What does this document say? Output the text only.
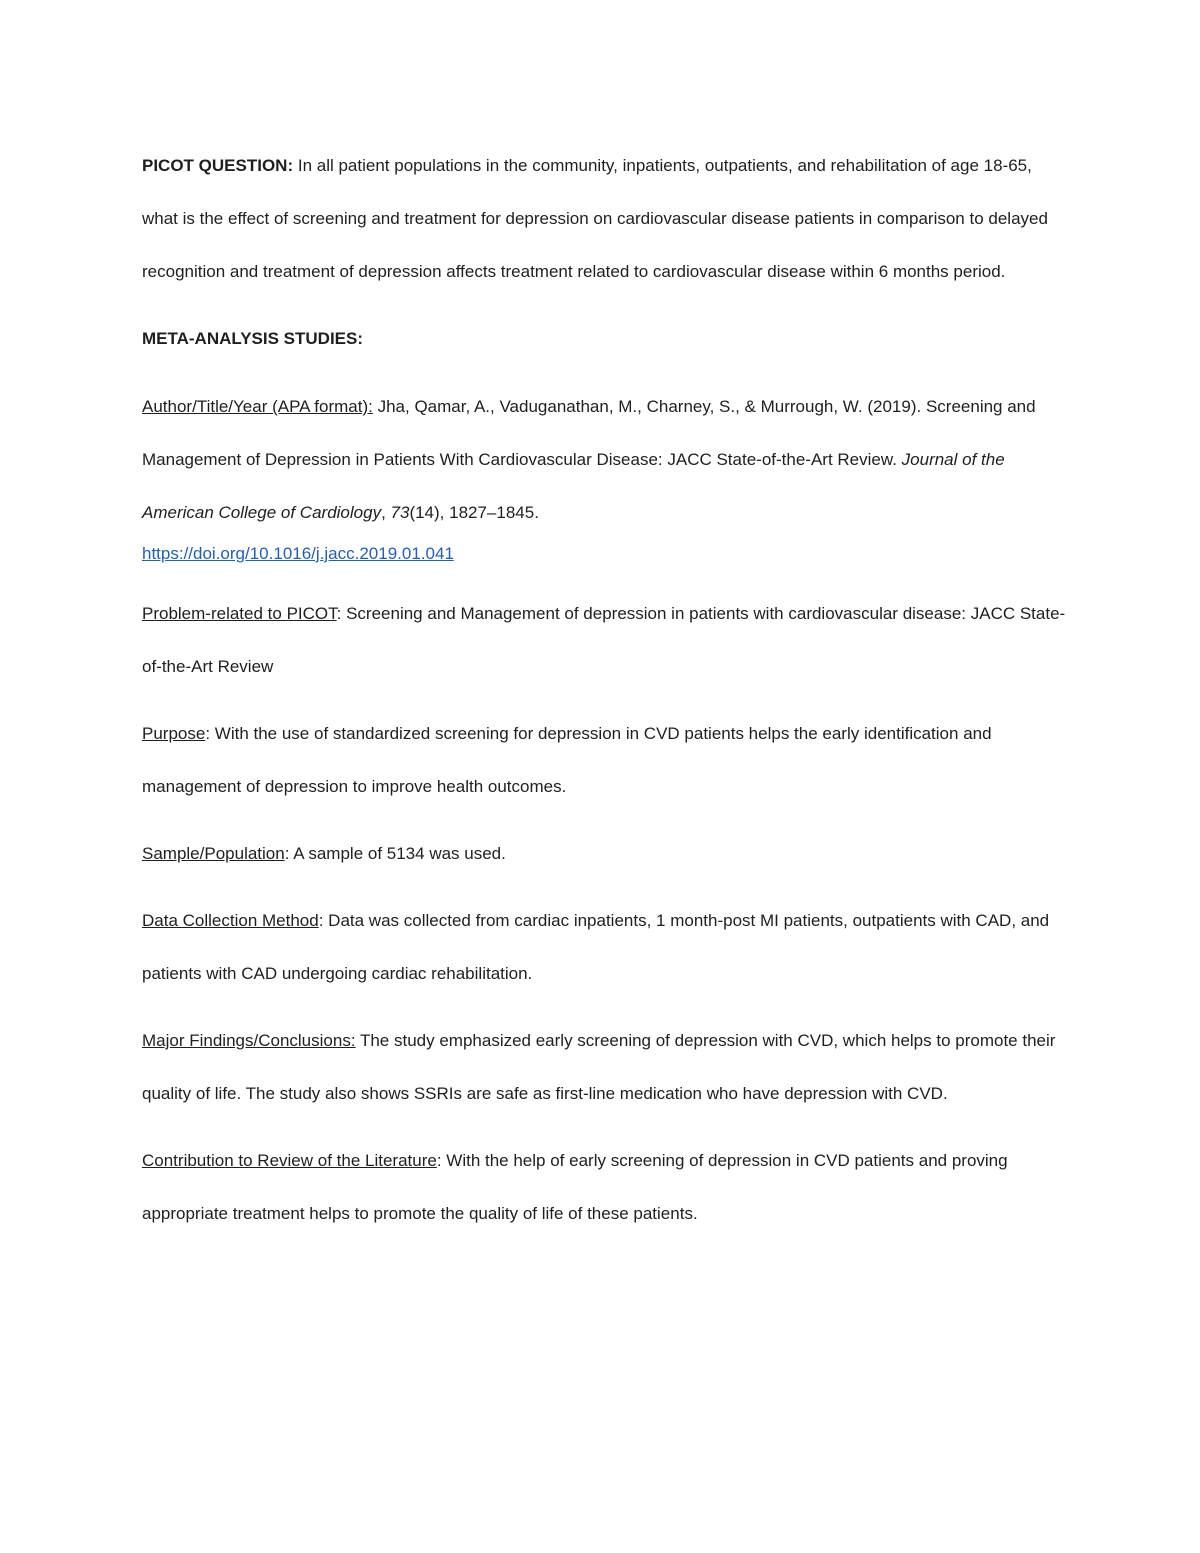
PICOT QUESTION: In all patient populations in the community, inpatients, outpatients, and rehabilitation of age 18-65, what is the effect of screening and treatment for depression on cardiovascular disease patients in comparison to delayed recognition and treatment of depression affects treatment related to cardiovascular disease within 6 months period.

META-ANALYSIS STUDIES:

Author/Title/Year (APA format): Jha, Qamar, A., Vaduganathan, M., Charney, S., & Murrough, W. (2019). Screening and Management of Depression in Patients With Cardiovascular Disease: JACC State-of-the-Art Review. Journal of the American College of Cardiology, 73(14), 1827–1845.

https://doi.org/10.1016/j.jacc.2019.01.041

Problem-related to PICOT: Screening and Management of depression in patients with cardiovascular disease: JACC State-of-the-Art Review

Purpose: With the use of standardized screening for depression in CVD patients helps the early identification and management of depression to improve health outcomes.

Sample/Population: A sample of 5134 was used.

Data Collection Method: Data was collected from cardiac inpatients, 1 month-post MI patients, outpatients with CAD, and patients with CAD undergoing cardiac rehabilitation.

Major Findings/Conclusions: The study emphasized early screening of depression with CVD, which helps to promote their quality of life. The study also shows SSRIs are safe as first-line medication who have depression with CVD.

Contribution to Review of the Literature: With the help of early screening of depression in CVD patients and proving appropriate treatment helps to promote the quality of life of these patients.
